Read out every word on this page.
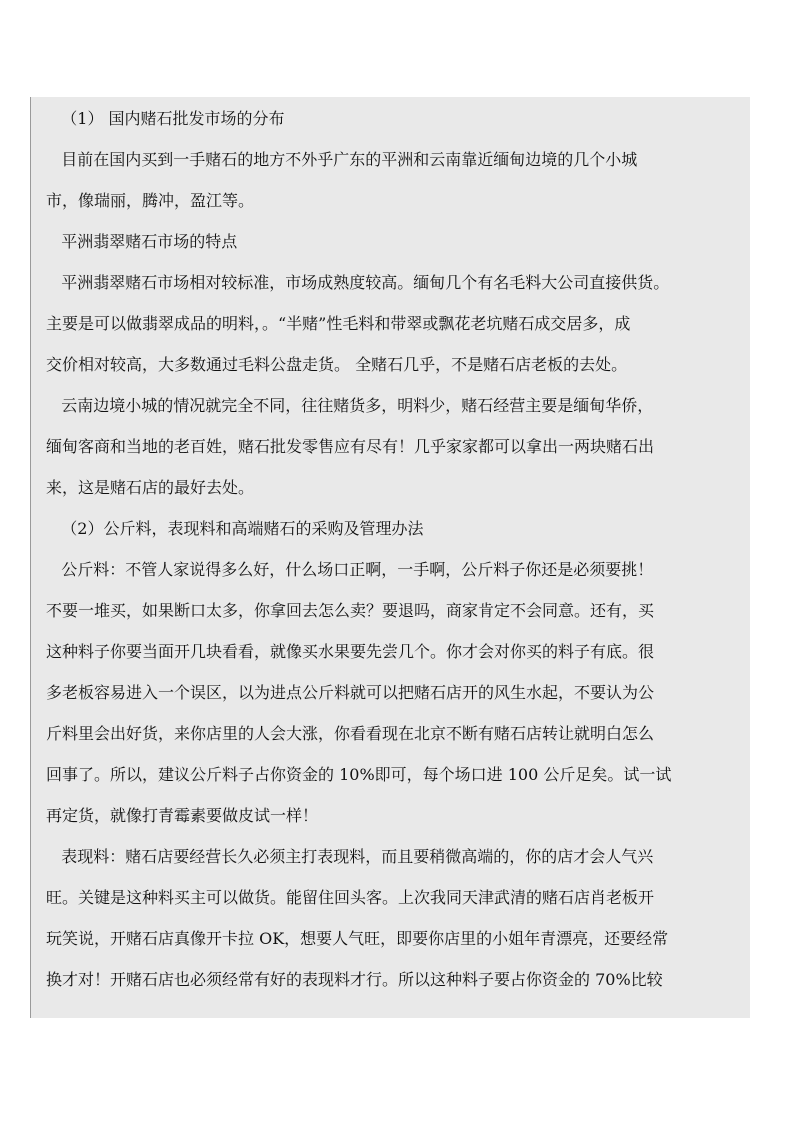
（1） 国内赌石批发市场的分布
目前在国内买到一手赌石的地方不外乎广东的平洲和云南靠近缅甸边境的几个小城
市，像瑞丽，腾冲，盈江等。
平洲翡翠赌石市场的特点
平洲翡翠赌石市场相对较标准，市场成熟度较高。缅甸几个有名毛料大公司直接供货。
主要是可以做翡翠成品的明料，。“半赌”性毛料和带翠或飘花老坑赌石成交居多，成
交价相对较高，大多数通过毛料公盘走货。 全赌石几乎，不是赌石店老板的去处。
云南边境小城的情况就完全不同，往往赌货多，明料少，赌石经营主要是缅甸华侨，
缅甸客商和当地的老百姓，赌石批发零售应有尽有！几乎家家都可以拿出一两块赌石出
来，这是赌石店的最好去处。
（2）公斤料，表现料和高端赌石的采购及管理办法
公斤料：不管人家说得多么好，什么场口正啊，一手啊，公斤料子你还是必须要挑！
不要一堆买，如果断口太多，你拿回去怎么卖？要退吗，商家肯定不会同意。还有，买
这种料子你要当面开几块看看，就像买水果要先尝几个。你才会对你买的料子有底。很
多老板容易进入一个误区，以为进点公斤料就可以把赌石店开的风生水起，不要认为公
斤料里会出好货，来你店里的人会大涨，你看看现在北京不断有赌石店转让就明白怎么
回事了。所以，建议公斤料子占你资金的 10%即可，每个场口进 100 公斤足矣。试一试
再定货，就像打青霉素要做皮试一样！
表现料：赌石店要经营长久必须主打表现料，而且要稍微高端的，你的店才会人气兴
旺。关键是这种料买主可以做货。能留住回头客。上次我同天津武清的赌石店肖老板开
玩笑说，开赌石店真像开卡拉 OK，想要人气旺，即要你店里的小姐年青漂亮，还要经常
换才对！开赌石店也必须经常有好的表现料才行。所以这种料子要占你资金的 70%比较
